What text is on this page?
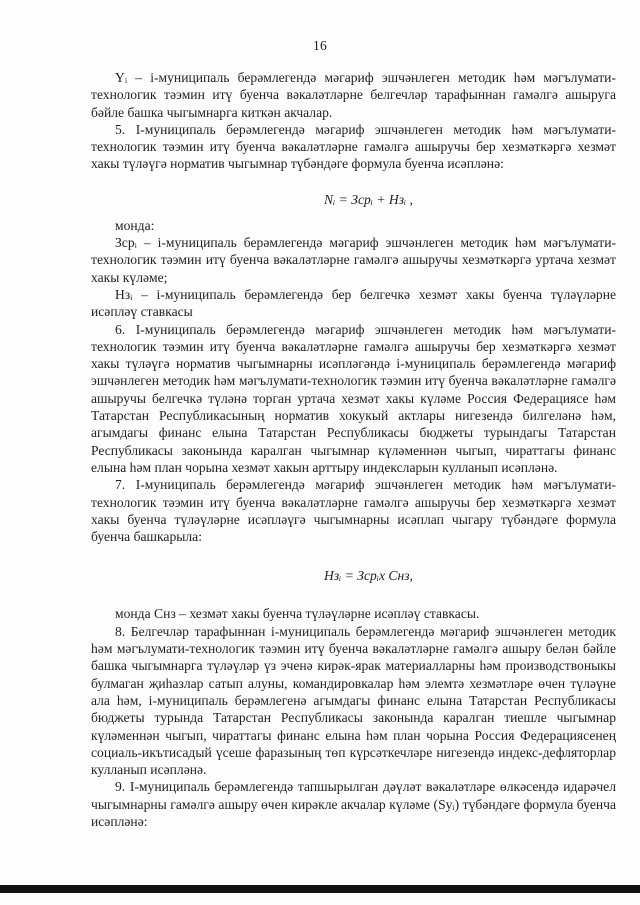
16

Yᵢ – і-муниципаль берәмлегендә мәгариф эшчәнлеген методик һәм мәгълумати-технологик тәэмин итү буенча вәкаләтләрне белгечләр тарафыннан гамәлгә ашыруга бәйле башка чыгымнарга киткән акчалар.

5. І-муниципаль берәмлегендә мәгариф эшчәнлеген методик һәм мәгълумати-технологик тәэмин итү буенча вәкаләтләрне гамәлгә ашыручы бер хезмәткәргә хезмәт хакы түләүгә норматив чыгымнар түбәндәге формула буенча исәпләнә:

Nᵢ = Зсрᵢ + Нзᵢ ,

монда:

Зсрᵢ – і-муниципаль берәмлегендә мәгариф эшчәнлеген методик һәм мәгълумати-технологик тәэмин итү буенча вәкаләтләрне гамәлгә ашыручы хезмәткәргә уртача хезмәт хакы күләме;

Нзᵢ – і-муниципаль берәмлегендә бер белгечкә хезмәт хакы буенча түләүләрне исәпләү ставкасы

6. І-муниципаль берәмлегендә мәгариф эшчәнлеген методик һәм мәгълумати-технологик тәэмин итү буенча вәкаләтләрне гамәлгә ашыручы бер хезмәткәргә хезмәт хакы түләүгә норматив чыгымнарны исәпләгәндә і-муниципаль берәмлегендә мәгариф эшчәнлеген методик һәм мәгълумати-технологик тәэмин итү буенча вәкаләтләрне гамәлгә ашыручы белгечкә түләнә торган уртача хезмәт хакы күләме Россия Федерациясе һәм Татарстан Республикасының норматив хокукый актлары нигезендә билгеләнә һәм, агымдагы финанс елына Татарстан Республикасы бюджеты турындагы Татарстан Республикасы законында каралган чыгымнар күләменнән чыгып, чираттагы финанс елына һәм план чорына хезмәт хакын арттыру индексларын кулланып исәпләнә.

7. І-муниципаль берәмлегендә мәгариф эшчәнлеген методик һәм мәгълумати-технологик тәэмин итү буенча вәкаләтләрне гамәлгә ашыручы бер хезмәткәргә хезмәт хакы буенча түләүләрне исәпләүгә чыгымнарны исәплап чыгару түбәндәге формула буенча башкарыла:

Нзᵢ = Зсрᵢx Снз,

монда Снз – хезмәт хакы буенча түләүләрне исәпләү ставкасы.

8. Белгечләр тарафыннан і-муниципаль берәмлегендә мәгариф эшчәнлеген методик һәм мәгълумати-технологик тәэмин итү буенча вәкаләтләрне гамәлгә ашыру белән бәйле башка чыгымнарга түләүләр үз эченә кирәк-ярак материалларны һәм производствоныкы булмаган җиһазлар сатып алуны, командировкалар һәм элемтә хезмәтләре өчен түләүне ала һәм, і-муниципаль берәмлегенә агымдагы финанс елына Татарстан Республикасы бюджеты турында Татарстан Республикасы законында каралган тиешле чыгымнар күләменнән чыгып, чираттагы финанс елына һәм план чорына Россия Федерациясенең социаль-икътисадый үсеше фаразының төп күрсәткечләре нигезендә индекс-дефляторлар кулланып исәпләнә.

9. І-муниципаль берәмлегендә тапшырылган дәүләт вәкаләтләре өлкәсендә идарәчел чыгымнарны гамәлгә ашыру өчен кирәкле акчалар күләме (Syᵢ) түбәндәге формула буенча исәпләнә:
